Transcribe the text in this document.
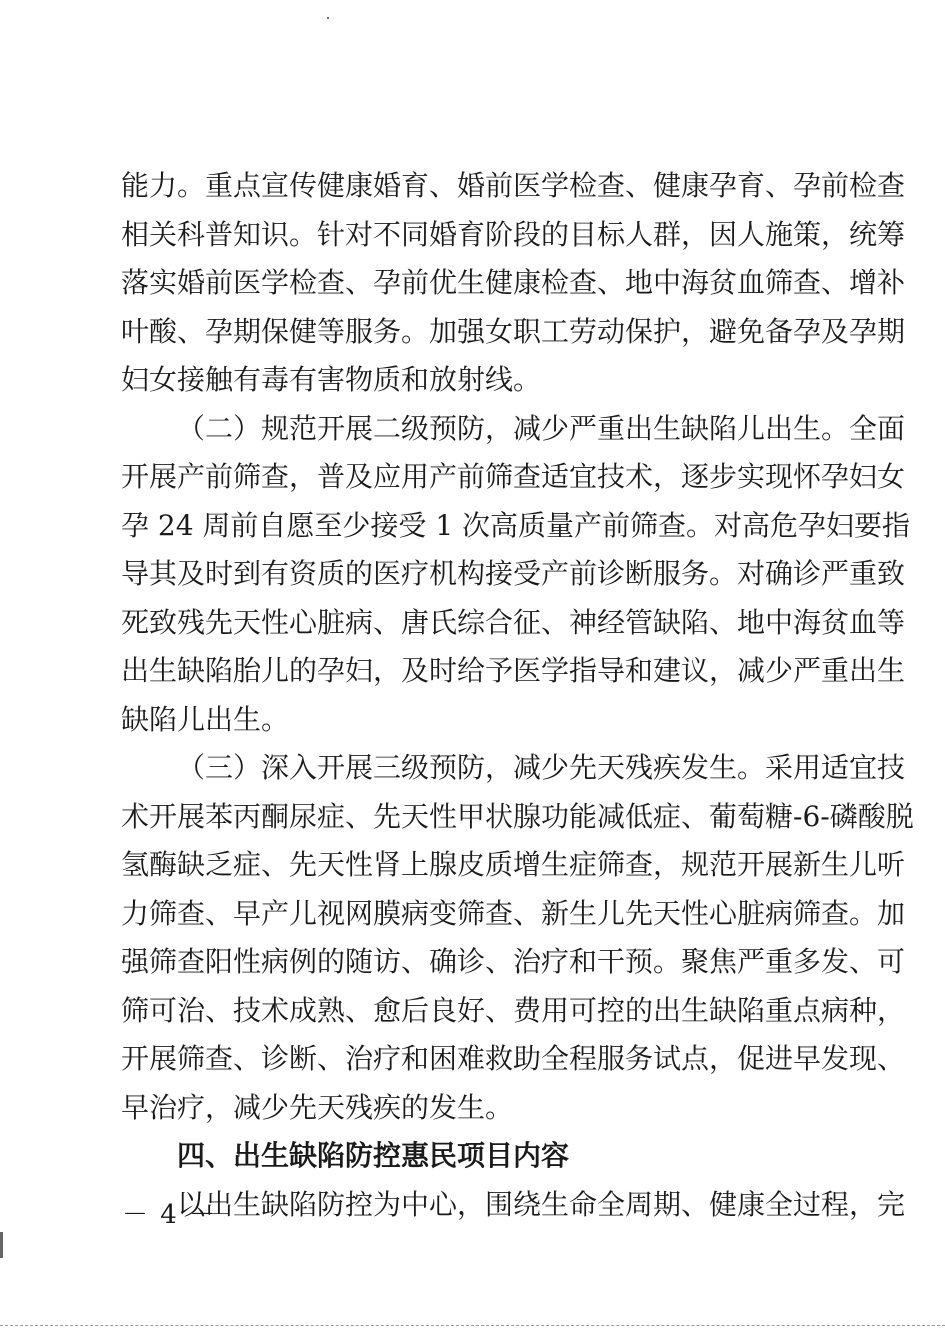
能力。重点宣传健康婚育、婚前医学检查、健康孕育、孕前检查
相关科普知识。针对不同婚育阶段的目标人群，因人施策，统筹
落实婚前医学检查、孕前优生健康检查、地中海贫血筛查、增补
叶酸、孕期保健等服务。加强女职工劳动保护，避免备孕及孕期
妇女接触有毒有害物质和放射线。
（二）规范开展二级预防，减少严重出生缺陷儿出生。全面
开展产前筛查，普及应用产前筛查适宜技术，逐步实现怀孕妇女
孕 24 周前自愿至少接受 1 次高质量产前筛查。对高危孕妇要指
导其及时到有资质的医疗机构接受产前诊断服务。对确诊严重致
死致残先天性心脏病、唐氏综合征、神经管缺陷、地中海贫血等
出生缺陷胎儿的孕妇，及时给予医学指导和建议，减少严重出生
缺陷儿出生。
（三）深入开展三级预防，减少先天残疾发生。采用适宜技
术开展苯丙酮尿症、先天性甲状腺功能减低症、葡萄糖-6-磷酸脱
氢酶缺乏症、先天性肾上腺皮质增生症筛查，规范开展新生儿听
力筛查、早产儿视网膜病变筛查、新生儿先天性心脏病筛查。加
强筛查阳性病例的随访、确诊、治疗和干预。聚焦严重多发、可
筛可治、技术成熟、愈后良好、费用可控的出生缺陷重点病种，
开展筛查、诊断、治疗和困难救助全程服务试点，促进早发现、
早治疗，减少先天残疾的发生。
四、出生缺陷防控惠民项目内容
以出生缺陷防控为中心，围绕生命全周期、健康全过程，完
－ 4 －
